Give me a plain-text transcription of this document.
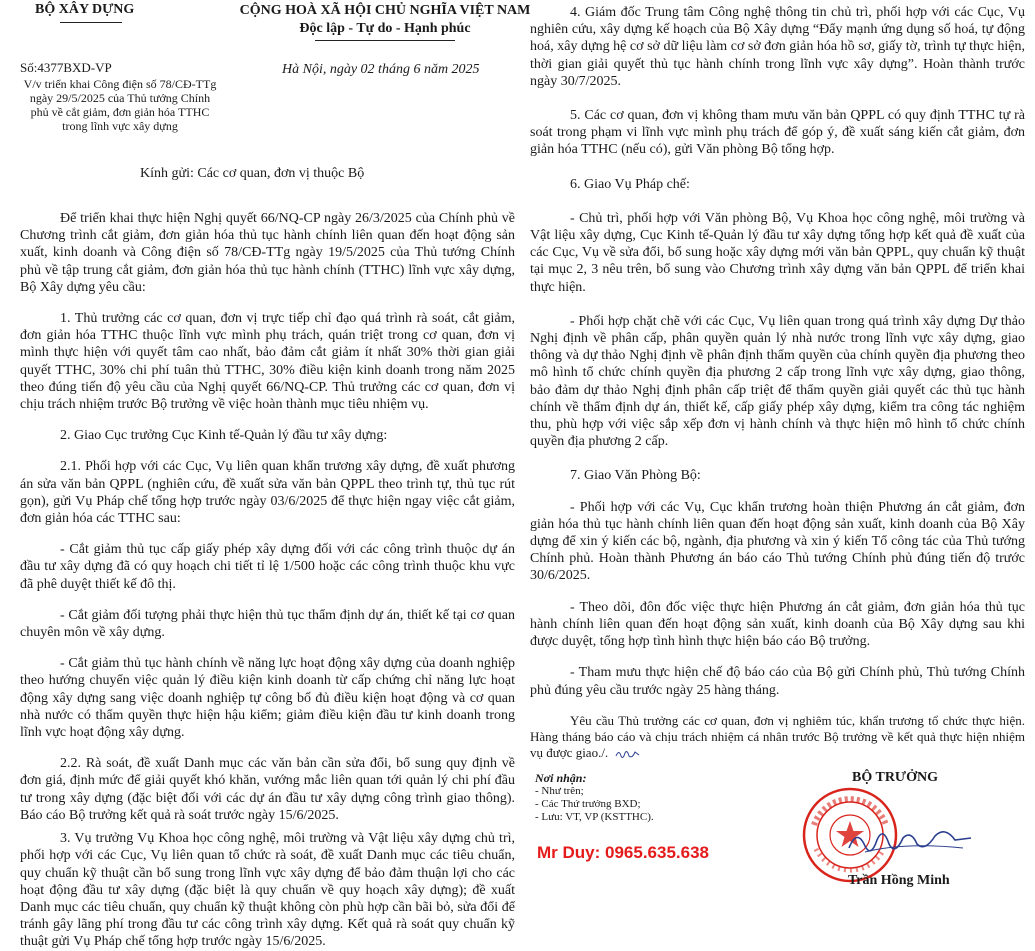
BỘ XÂY DỰNG	CỘNG HOÀ XÃ HỘI CHỦ NGHĨA VIỆT NAM
Độc lập - Tự do - Hạnh phúc
Số:4377BXD-VP
V/v triển khai Công điện số 78/CĐ-TTg ngày 29/5/2025 của Thủ tướng Chính phủ về cắt giảm, đơn giản hóa TTHC trong lĩnh vực xây dựng
Hà Nội, ngày 02 tháng 6 năm 2025
Kính gửi: Các cơ quan, đơn vị thuộc Bộ

Để triển khai thực hiện Nghị quyết 66/NQ-CP ngày 26/3/2025 của Chính phủ về Chương trình cắt giảm, đơn giản hóa thủ tục hành chính liên quan đến hoạt động sản xuất, kinh doanh và Công điện số 78/CĐ-TTg ngày 19/5/2025 của Thủ tướng Chính phủ về tập trung cắt giảm, đơn giản hóa thủ tục hành chính (TTHC) lĩnh vực xây dựng, Bộ Xây dựng yêu cầu:

1. Thủ trưởng các cơ quan, đơn vị trực tiếp chỉ đạo quá trình rà soát, cắt giảm, đơn giản hóa TTHC thuộc lĩnh vực mình phụ trách, quán triệt trong cơ quan, đơn vị mình thực hiện với quyết tâm cao nhất, bảo đảm cắt giảm ít nhất 30% thời gian giải quyết TTHC, 30% chi phí tuân thủ TTHC, 30% điều kiện kinh doanh trong năm 2025 theo đúng tiến độ yêu cầu của Nghị quyết 66/NQ-CP. Thủ trưởng các cơ quan, đơn vị chịu trách nhiệm trước Bộ trưởng về việc hoàn thành mục tiêu nhiệm vụ.

2. Giao Cục trưởng Cục Kinh tế-Quản lý đầu tư xây dựng:

2.1. Phối hợp với các Cục, Vụ liên quan khẩn trương xây dựng, đề xuất phương án sửa văn bản QPPL (nghiên cứu, đề xuất sửa văn bản QPPL theo trình tự, thủ tục rút gọn), gửi Vụ Pháp chế tổng hợp trước ngày 03/6/2025 để thực hiện ngay việc cắt giảm, đơn giản hóa các TTHC sau:

- Cắt giảm thủ tục cấp giấy phép xây dựng đối với các công trình thuộc dự án đầu tư xây dựng đã có quy hoạch chi tiết tỉ lệ 1/500 hoặc các công trình thuộc khu vực đã phê duyệt thiết kế đô thị.

- Cắt giảm đối tượng phải thực hiện thủ tục thẩm định dự án, thiết kế tại cơ quan chuyên môn về xây dựng.

- Cắt giảm thủ tục hành chính về năng lực hoạt động xây dựng của doanh nghiệp theo hướng chuyển việc quản lý điều kiện kinh doanh từ cấp chứng chỉ năng lực hoạt động xây dựng sang việc doanh nghiệp tự công bố đủ điều kiện hoạt động và cơ quan nhà nước có thẩm quyền thực hiện hậu kiểm; giảm điều kiện đầu tư kinh doanh trong lĩnh vực hoạt động xây dựng.

2.2. Rà soát, đề xuất Danh mục các văn bản cần sửa đổi, bổ sung quy định về đơn giá, định mức để giải quyết khó khăn, vướng mắc liên quan tới quản lý chi phí đầu tư trong xây dựng (đặc biệt đối với các dự án đầu tư xây dựng công trình giao thông). Báo cáo Bộ trưởng kết quả rà soát trước ngày 15/6/2025.

3. Vụ trưởng Vụ Khoa học công nghệ, môi trường và Vật liệu xây dựng chủ trì, phối hợp với các Cục, Vụ liên quan tổ chức rà soát, đề xuất Danh mục các tiêu chuẩn, quy chuẩn kỹ thuật cần bổ sung trong lĩnh vực xây dựng để bảo đảm thuận lợi cho các hoạt động đầu tư xây dựng (đặc biệt là quy chuẩn về quy hoạch xây dựng); đề xuất Danh mục các tiêu chuẩn, quy chuẩn kỹ thuật không còn phù hợp cần bãi bỏ, sửa đổi để tránh gây lãng phí trong đầu tư các công trình xây dựng. Kết quả rà soát quy chuẩn kỹ thuật gửi Vụ Pháp chế tổng hợp trước ngày 15/6/2025.

4. Giám đốc Trung tâm Công nghệ thông tin chủ trì, phối hợp với các Cục, Vụ nghiên cứu, xây dựng kế hoạch của Bộ Xây dựng “Đẩy mạnh ứng dụng số hoá, tự động hoá, xây dựng hệ cơ sở dữ liệu làm cơ sở đơn giản hóa hồ sơ, giấy tờ, trình tự thực hiện, thời gian giải quyết thủ tục hành chính trong lĩnh vực xây dựng”. Hoàn thành trước ngày 30/7/2025.

5. Các cơ quan, đơn vị không tham mưu văn bản QPPL có quy định TTHC tự rà soát trong phạm vi lĩnh vực mình phụ trách để góp ý, đề xuất sáng kiến cắt giảm, đơn giản hóa TTHC (nếu có), gửi Văn phòng Bộ tổng hợp.

6. Giao Vụ Pháp chế:

- Chủ trì, phối hợp với Văn phòng Bộ, Vụ Khoa học công nghệ, môi trường và Vật liệu xây dựng, Cục Kinh tế-Quản lý đầu tư xây dựng tổng hợp kết quả đề xuất của các Cục, Vụ về sửa đổi, bổ sung hoặc xây dựng mới văn bản QPPL, quy chuẩn kỹ thuật tại mục 2, 3 nêu trên, bổ sung vào Chương trình xây dựng văn bản QPPL để triển khai thực hiện.

- Phối hợp chặt chẽ với các Cục, Vụ liên quan trong quá trình xây dựng Dự thảo Nghị định về phân cấp, phân quyền quản lý nhà nước trong lĩnh vực xây dựng, giao thông và dự thảo Nghị định về phân định thẩm quyền của chính quyền địa phương theo mô hình tổ chức chính quyền địa phương 2 cấp trong lĩnh vực xây dựng, giao thông, bảo đảm dự thảo Nghị định phân cấp triệt để thẩm quyền giải quyết các thủ tục hành chính về thẩm định dự án, thiết kế, cấp giấy phép xây dựng, kiểm tra công tác nghiệm thu, phù hợp với việc sắp xếp đơn vị hành chính và thực hiện mô hình tổ chức chính quyền địa phương 2 cấp.

7. Giao Văn Phòng Bộ:

- Phối hợp với các Vụ, Cục khẩn trương hoàn thiện Phương án cắt giảm, đơn giản hóa thủ tục hành chính liên quan đến hoạt động sản xuất, kinh doanh của Bộ Xây dựng để xin ý kiến các bộ, ngành, địa phương và xin ý kiến Tổ công tác của Thủ tướng Chính phủ. Hoàn thành Phương án báo cáo Thủ tướng Chính phủ đúng tiến độ trước 30/6/2025.

- Theo dõi, đôn đốc việc thực hiện Phương án cắt giảm, đơn giản hóa thủ tục hành chính liên quan đến hoạt động sản xuất, kinh doanh của Bộ Xây dựng sau khi được duyệt, tổng hợp tình hình thực hiện báo cáo Bộ trưởng.

- Tham mưu thực hiện chế độ báo cáo của Bộ gửi Chính phủ, Thủ tướng Chính phủ đúng yêu cầu trước ngày 25 hàng tháng.

Yêu cầu Thủ trưởng các cơ quan, đơn vị nghiêm túc, khẩn trương tổ chức thực hiện. Hàng tháng báo cáo và chịu trách nhiệm cá nhân trước Bộ trưởng về kết quả thực hiện nhiệm vụ được giao./.

Nơi nhận:
- Như trên;
- Các Thứ trưởng BXD;
- Lưu: VT, VP (KSTTHC).
Mr Duy: 0965.635.638
BỘ TRƯỞNG
Trần Hồng Minh
